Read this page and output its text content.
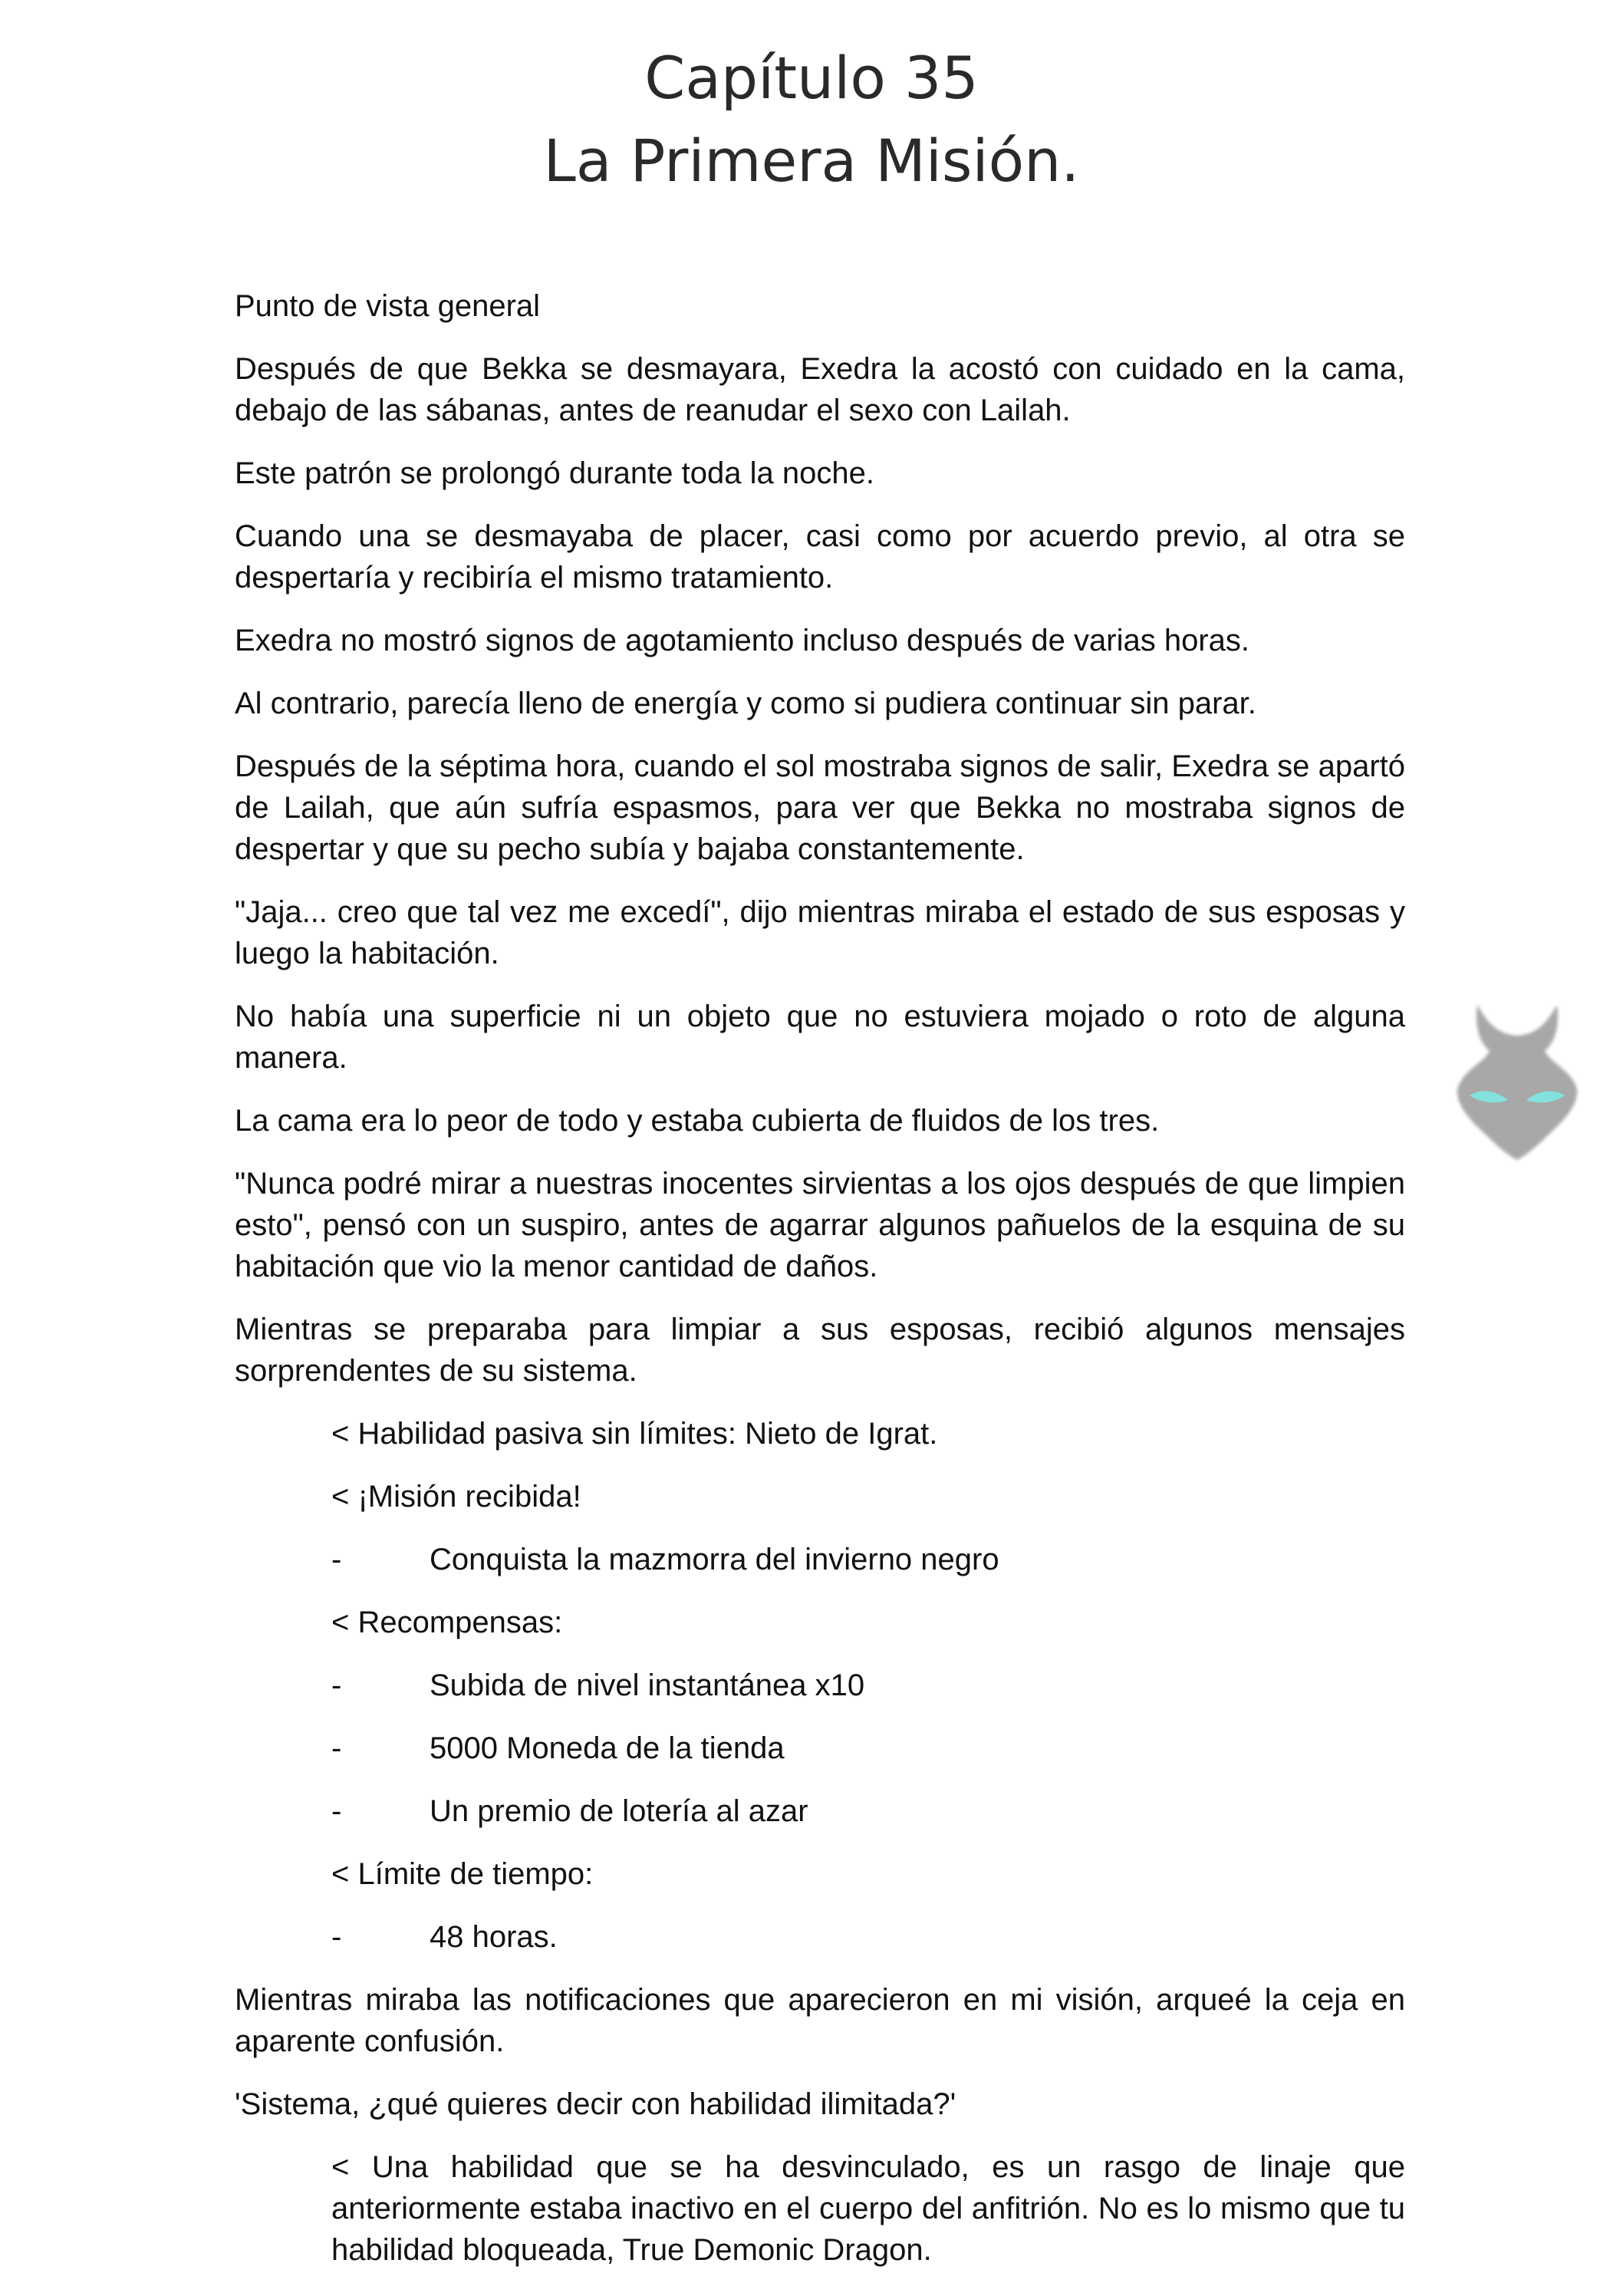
Capítulo 35
La Primera Misión.

Punto de vista general

Después de que Bekka se desmayara, Exedra la acostó con cuidado en la cama, debajo de las sábanas, antes de reanudar el sexo con Lailah.

Este patrón se prolongó durante toda la noche.

Cuando una se desmayaba de placer, casi como por acuerdo previo, al otra se despertaría y recibiría el mismo tratamiento.

Exedra no mostró signos de agotamiento incluso después de varias horas.

Al contrario, parecía lleno de energía y como si pudiera continuar sin parar.

Después de la séptima hora, cuando el sol mostraba signos de salir, Exedra se apartó de Lailah, que aún sufría espasmos, para ver que Bekka no mostraba signos de despertar y que su pecho subía y bajaba constantemente.

"Jaja... creo que tal vez me excedí", dijo mientras miraba el estado de sus esposas y luego la habitación.

No había una superficie ni un objeto que no estuviera mojado o roto de alguna manera.

La cama era lo peor de todo y estaba cubierta de fluidos de los tres.

"Nunca podré mirar a nuestras inocentes sirvientas a los ojos después de que limpien esto", pensó con un suspiro, antes de agarrar algunos pañuelos de la esquina de su habitación que vio la menor cantidad de daños.

Mientras se preparaba para limpiar a sus esposas, recibió algunos mensajes sorprendentes de su sistema.

< Habilidad pasiva sin límites: Nieto de Igrat.

< ¡Misión recibida!

-	Conquista la mazmorra del invierno negro

< Recompensas:

-	Subida de nivel instantánea x10
-	5000 Moneda de la tienda
-	Un premio de lotería al azar

< Límite de tiempo:

-	48 horas.

Mientras miraba las notificaciones que aparecieron en mi visión, arqueé la ceja en aparente confusión.

'Sistema, ¿qué quieres decir con habilidad ilimitada?'

< Una habilidad que se ha desvinculado, es un rasgo de linaje que anteriormente estaba inactivo en el cuerpo del anfitrión. No es lo mismo que tu habilidad bloqueada, True Demonic Dragon.
